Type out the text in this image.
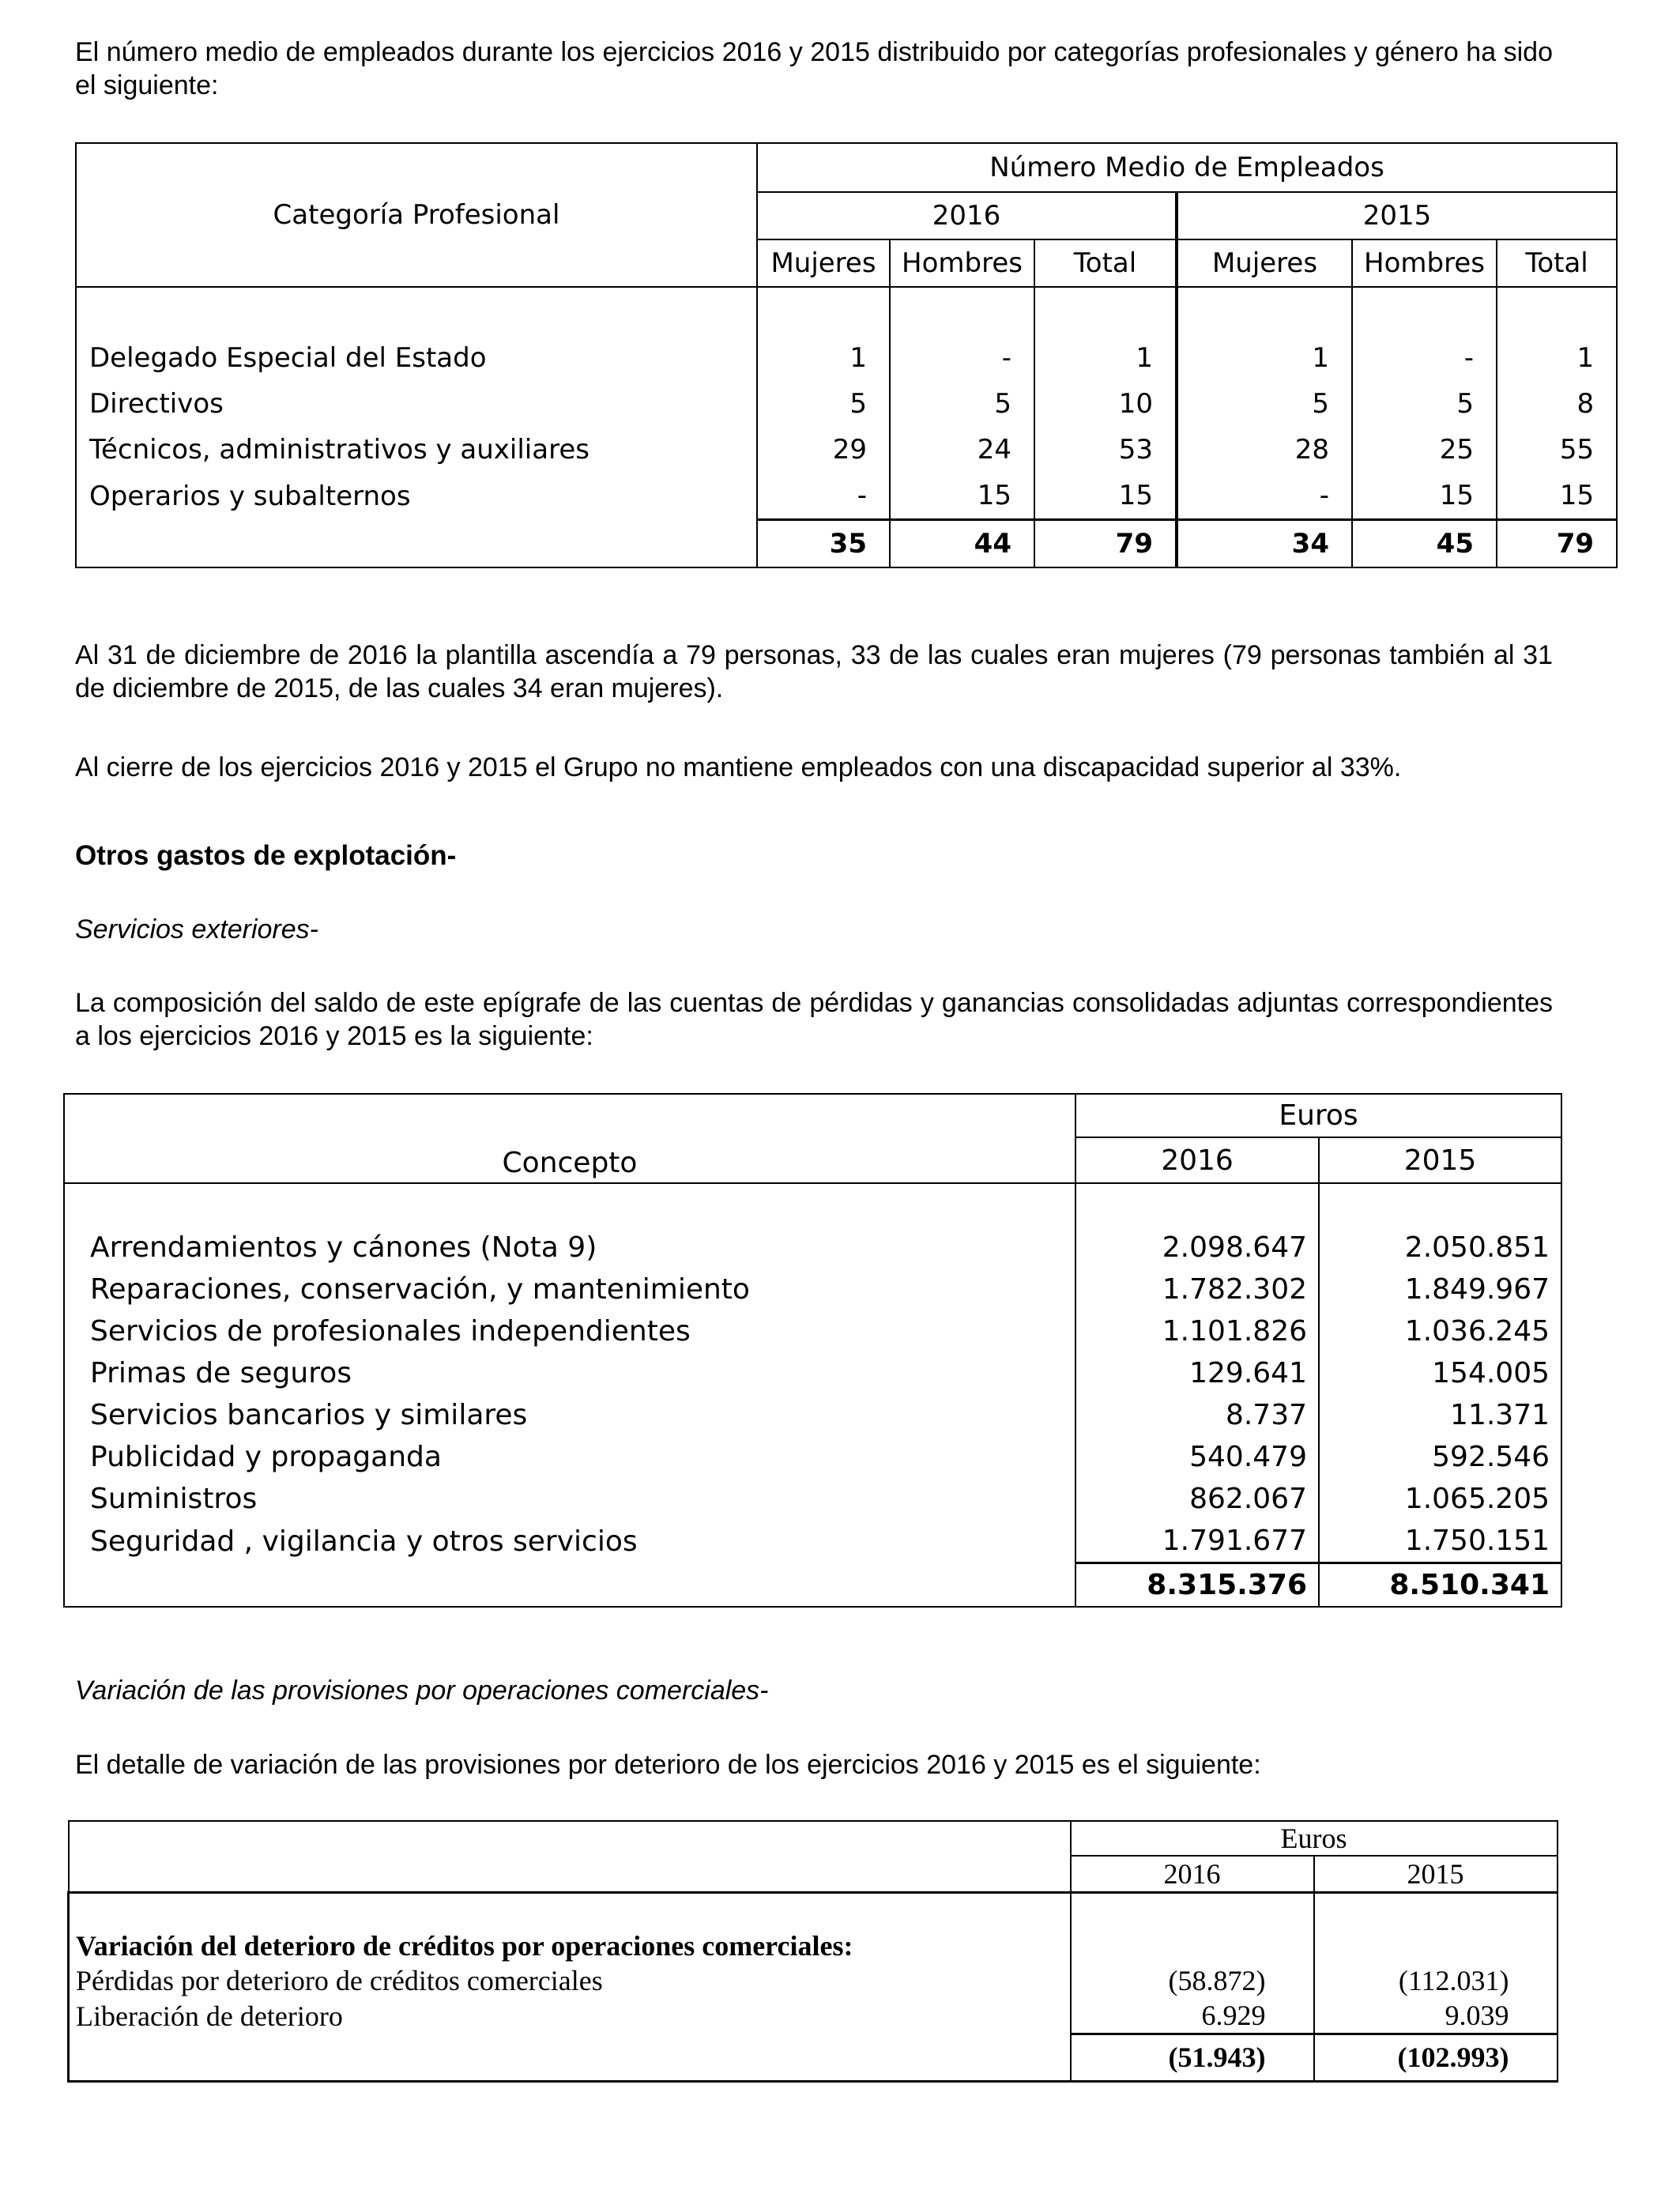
El número medio de empleados durante los ejercicios 2016 y 2015 distribuido por categorías profesionales y género ha sido el siguiente:

Categoría Profesional	Número Medio de Empleados					
	2016			2015		
	Mujeres	Hombres	Total	Mujeres	Hombres	Total

Delegado Especial del Estado	1	-	1	1	-	1
Directivos	5	5	10	5	5	8
Técnicos, administrativos y auxiliares	29	24	53	28	25	55
Operarios y subalternos	-	15	15	-	15	15
	35	44	79	34	45	79

Al 31 de diciembre de 2016 la plantilla ascendía a 79 personas, 33 de las cuales eran mujeres (79 personas también al 31 de diciembre de 2015, de las cuales 34 eran mujeres).

Al cierre de los ejercicios 2016 y 2015 el Grupo no mantiene empleados con una discapacidad superior al 33%.

Otros gastos de explotación-

Servicios exteriores-

La composición del saldo de este epígrafe de las cuentas de pérdidas y ganancias consolidadas adjuntas correspondientes a los ejercicios 2016 y 2015 es la siguiente:

Concepto	Euros	
	2016	2015

Arrendamientos y cánones (Nota 9)	2.098.647	2.050.851
Reparaciones, conservación, y mantenimiento	1.782.302	1.849.967
Servicios de profesionales independientes	1.101.826	1.036.245
Primas de seguros	129.641	154.005
Servicios bancarios y similares	8.737	11.371
Publicidad y propaganda	540.479	592.546
Suministros	862.067	1.065.205
Seguridad , vigilancia y otros servicios	1.791.677	1.750.151
	8.315.376	8.510.341

Variación de las provisiones por operaciones comerciales-

El detalle de variación de las provisiones por deterioro de los ejercicios 2016 y 2015 es el siguiente:

	Euros	
	2016	2015

Variación del deterioro de créditos por operaciones comerciales:		
Pérdidas por deterioro de créditos comerciales	(58.872)	(112.031)
Liberación de deterioro	6.929	9.039
	(51.943)	(102.993)
